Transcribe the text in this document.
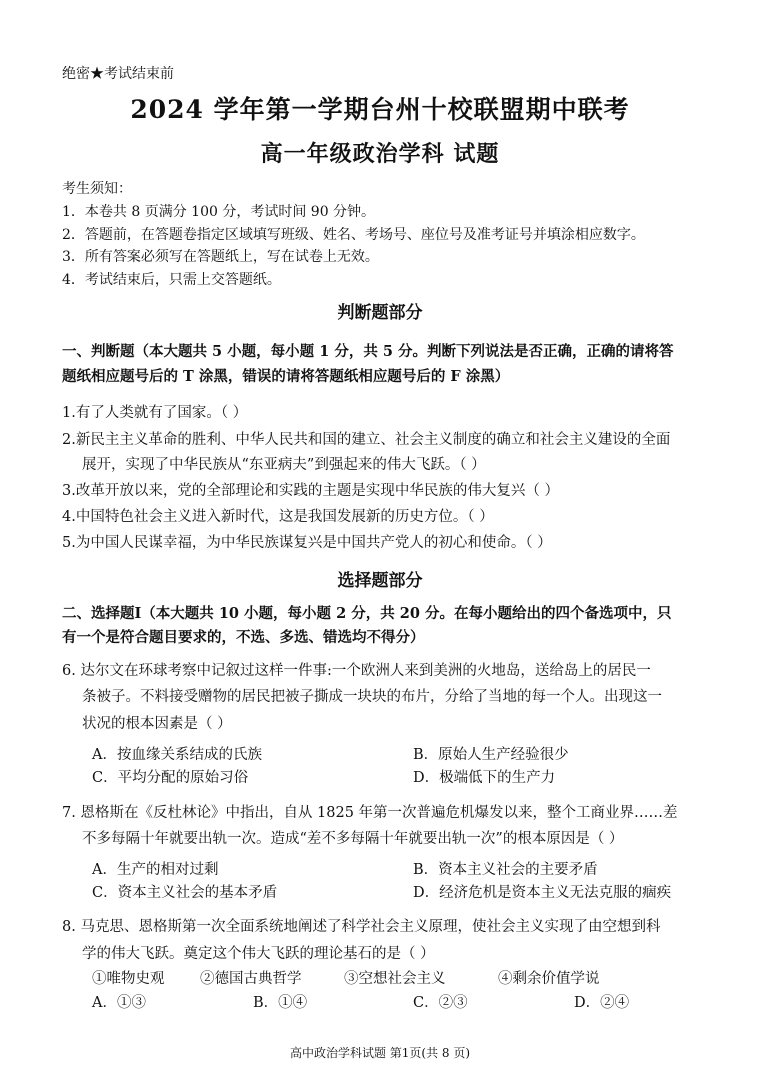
绝密★考试结束前
2024 学年第一学期台州十校联盟期中联考
高一年级政治学科 试题
考生须知：
1．本卷共 8 页满分 100 分，考试时间 90 分钟。
2．答题前，在答题卷指定区域填写班级、姓名、考场号、座位号及准考证号并填涂相应数字。
3．所有答案必须写在答题纸上，写在试卷上无效。
4．考试结束后，只需上交答题纸。
判断题部分
一、判断题（本大题共 5 小题，每小题 1 分，共 5 分。判断下列说法是否正确，正确的请将答
题纸相应题号后的 T 涂黑，错误的请将答题纸相应题号后的 F 涂黑）
1.有了人类就有了国家。（ ）
2.新民主主义革命的胜利、中华人民共和国的建立、社会主义制度的确立和社会主义建设的全面
展开，实现了中华民族从“东亚病夫”到强起来的伟大飞跃。（ ）
3.改革开放以来，党的全部理论和实践的主题是实现中华民族的伟大复兴（ ）
4.中国特色社会主义进入新时代，这是我国发展新的历史方位。（ ）
5.为中国人民谋幸福，为中华民族谋复兴是中国共产党人的初心和使命。（ ）
选择题部分
二、选择题Ⅰ（本大题共 10 小题，每小题 2 分，共 20 分。在每小题给出的四个备选项中，只
有一个是符合题目要求的，不选、多选、错选均不得分）
6. 达尔文在环球考察中记叙过这样一件事:一个欧洲人来到美洲的火地岛，送给岛上的居民一
条被子。不料接受赠物的居民把被子撕成一块块的布片，分给了当地的每一个人。出现这一
状况的根本因素是（ ）
A．按血缘关系结成的氏族	B．原始人生产经验很少
C．平均分配的原始习俗	D．极端低下的生产力
7. 恩格斯在《反杜林论》中指出，自从 1825 年第一次普遍危机爆发以来，整个工商业界……差
不多每隔十年就要出轨一次。造成“差不多每隔十年就要出轨一次”的根本原因是（ ）
A．生产的相对过剩	B．资本主义社会的主要矛盾
C．资本主义社会的基本矛盾	D．经济危机是资本主义无法克服的痼疾
8. 马克思、恩格斯第一次全面系统地阐述了科学社会主义原理，使社会主义实现了由空想到科
学的伟大飞跃。奠定这个伟大飞跃的理论基石的是（ ）
①唯物史观 ②德国古典哲学	③空想社会主义	④剩余价值学说
A．①③	B．①④	C．②③	D．②④
高中政治学科试题 第1页(共 8 页)
